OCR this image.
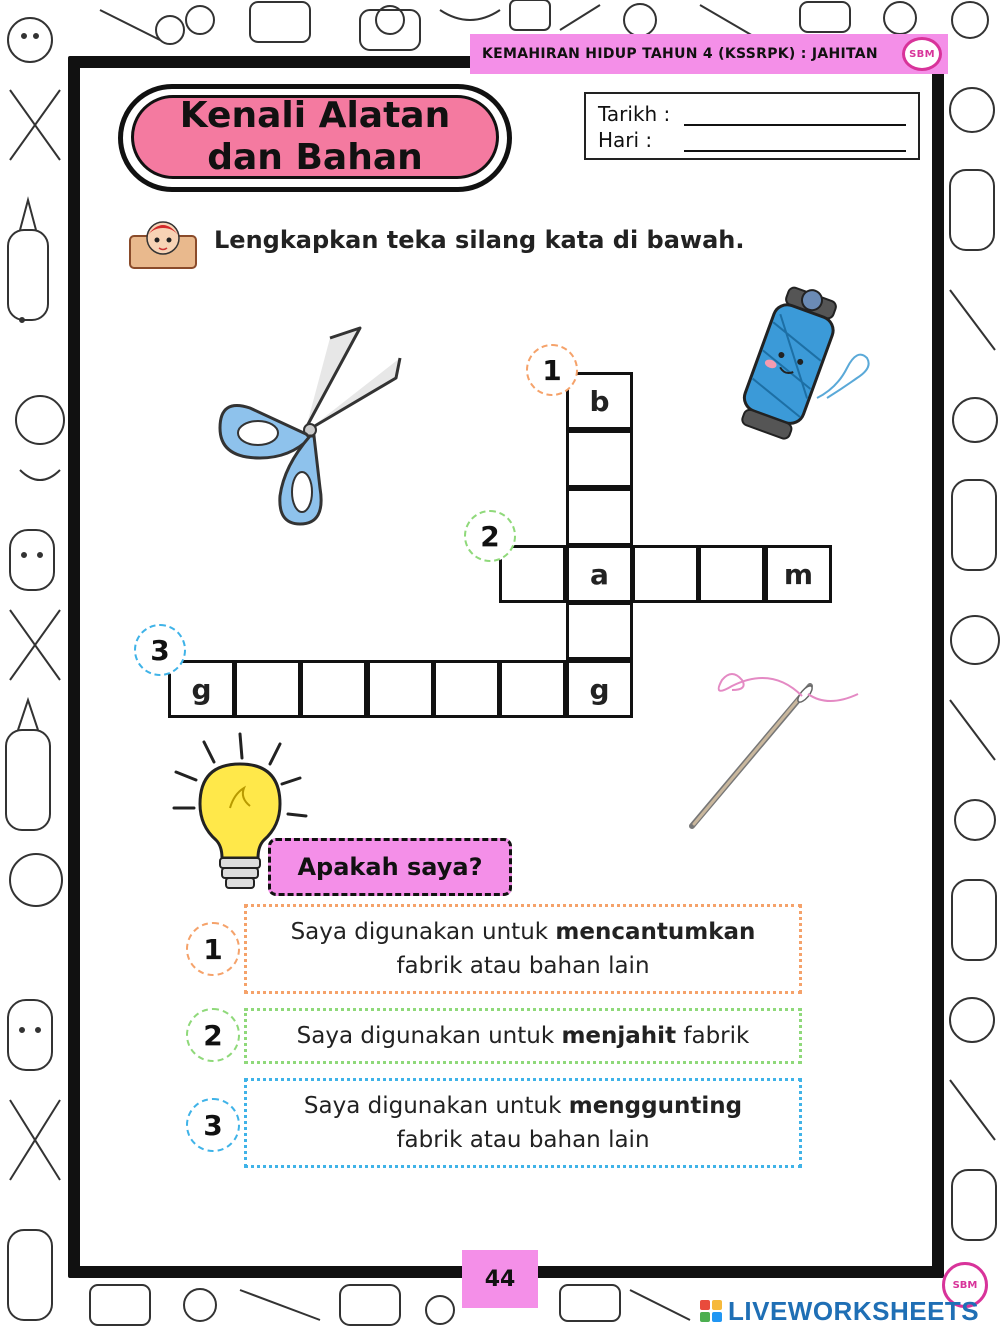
KEMAHIRAN HIDUP TAHUN 4 (KSSRPK) : JAHITAN	SBM
Kenali Alatan
dan Bahan
Tarikh :
Hari :
Lengkapkan teka silang kata di bawah.
b
a	m
g	g
1
2
3
Apakah saya?
1
Saya digunakan untuk mencantumkan
fabrik atau bahan lain
2	Saya digunakan untuk menjahit fabrik
3
Saya digunakan untuk menggunting
fabrik atau bahan lain
44	SBM
LIVEWORKSHEETS
